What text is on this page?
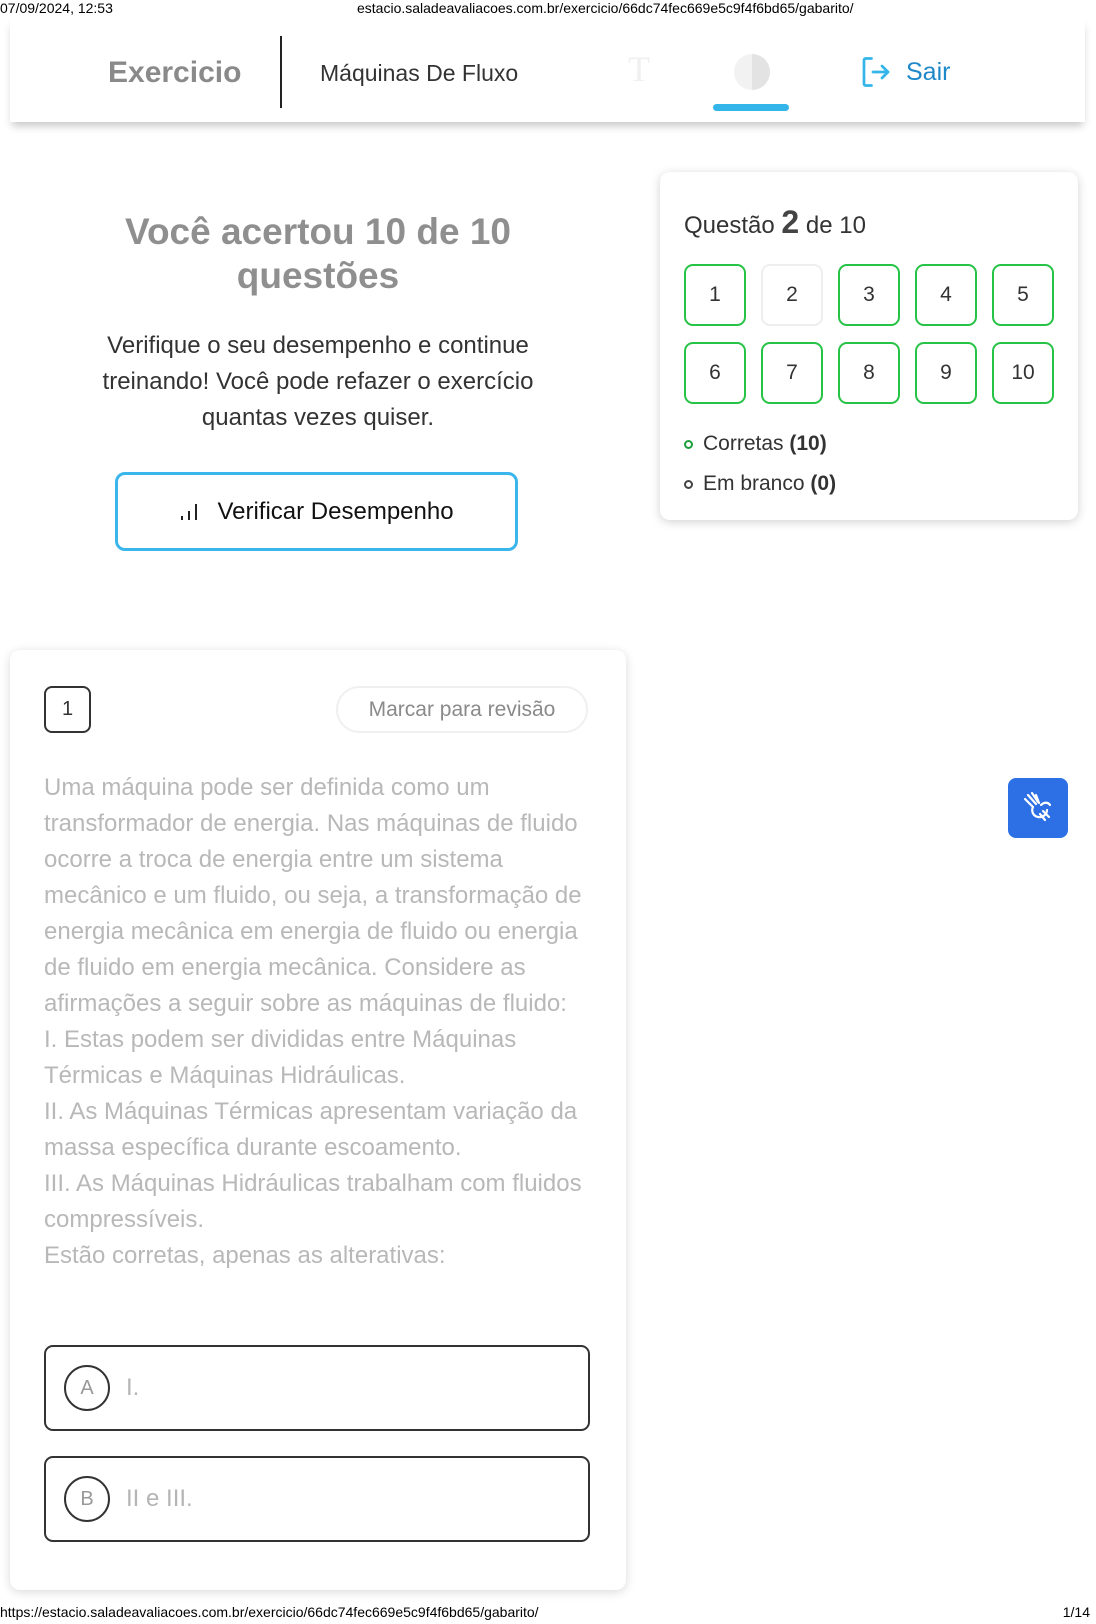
07/09/2024, 12:53	estacio.saladeavaliacoes.com.br/exercicio/66dc74fec669e5c9f4f6bd65/gabarito/
Exercicio	Máquinas De Fluxo	T	Sair
Você acertou 10 de 10 questões
Verifique o seu desempenho e continue treinando! Você pode refazer o exercício quantas vezes quiser.
Verificar Desempenho
Questão 2 de 10
1	2	3	4	5
6	7	8	9	10
Corretas (10)
Em branco (0)
1	Marcar para revisão

Uma máquina pode ser definida como um transformador de energia. Nas máquinas de fluido ocorre a troca de energia entre um sistema mecânico e um fluido, ou seja, a transformação de energia mecânica em energia de fluido ou energia de fluido em energia mecânica. Considere as afirmações a seguir sobre as máquinas de fluido:

I. Estas podem ser divididas entre Máquinas Térmicas e Máquinas Hidráulicas.

II. As Máquinas Térmicas apresentam variação da massa específica durante escoamento.

III. As Máquinas Hidráulicas trabalham com fluidos compressíveis.

Estão corretas, apenas as alterativas:

A	I.
B	II e III.
https://estacio.saladeavaliacoes.com.br/exercicio/66dc74fec669e5c9f4f6bd65/gabarito/	1/14
